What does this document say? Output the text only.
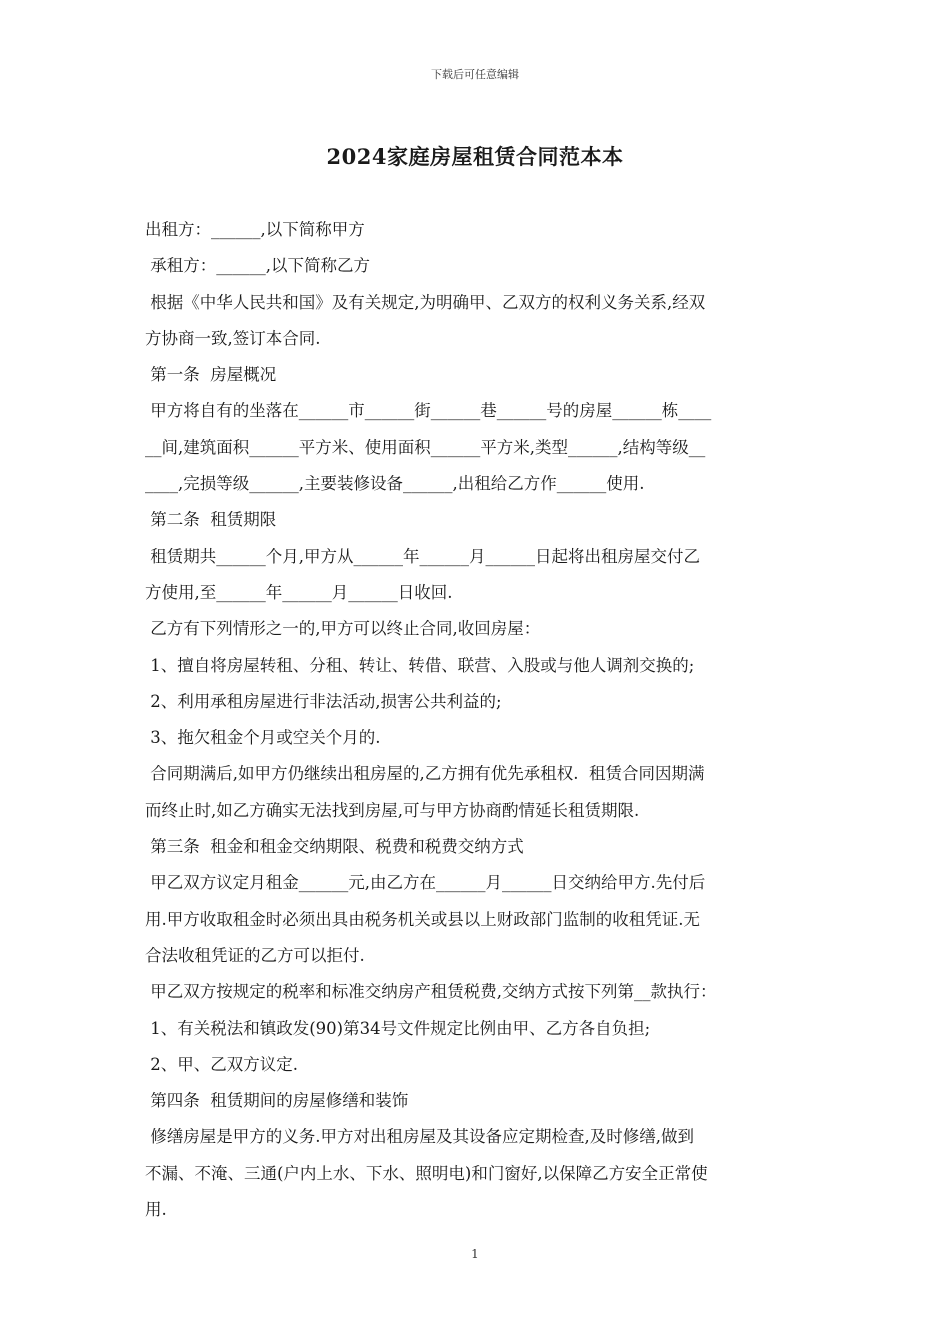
下载后可任意编辑
2024家庭房屋租赁合同范本本
出租方：______,以下简称甲方
承租方：______,以下简称乙方
根据《中华人民共和国》及有关规定,为明确甲、乙双方的权利义务关系,经双
方协商一致,签订本合同.
第一条  房屋概况
甲方将自有的坐落在______市______街______巷______号的房屋______栋____
__间,建筑面积______平方米、使用面积______平方米,类型______,结构等级__
____,完损等级______,主要装修设备______,出租给乙方作______使用.
第二条  租赁期限
租赁期共______个月,甲方从______年______月______日起将出租房屋交付乙
方使用,至______年______月______日收回.
乙方有下列情形之一的,甲方可以终止合同,收回房屋：
1、擅自将房屋转租、分租、转让、转借、联营、入股或与他人调剂交换的;
2、利用承租房屋进行非法活动,损害公共利益的;
3、拖欠租金个月或空关个月的.
合同期满后,如甲方仍继续出租房屋的,乙方拥有优先承租权.  租赁合同因期满
而终止时,如乙方确实无法找到房屋,可与甲方协商酌情延长租赁期限.
第三条  租金和租金交纳期限、税费和税费交纳方式
甲乙双方议定月租金______元,由乙方在______月______日交纳给甲方.先付后
用.甲方收取租金时必须出具由税务机关或县以上财政部门监制的收租凭证.无
合法收租凭证的乙方可以拒付.
甲乙双方按规定的税率和标准交纳房产租赁税费,交纳方式按下列第__款执行：
1、有关税法和镇政发(90)第34号文件规定比例由甲、乙方各自负担;
2、甲、乙双方议定.
第四条  租赁期间的房屋修缮和装饰
修缮房屋是甲方的义务.甲方对出租房屋及其设备应定期检查,及时修缮,做到
不漏、不淹、三通(户内上水、下水、照明电)和门窗好,以保障乙方安全正常使
用.
1
